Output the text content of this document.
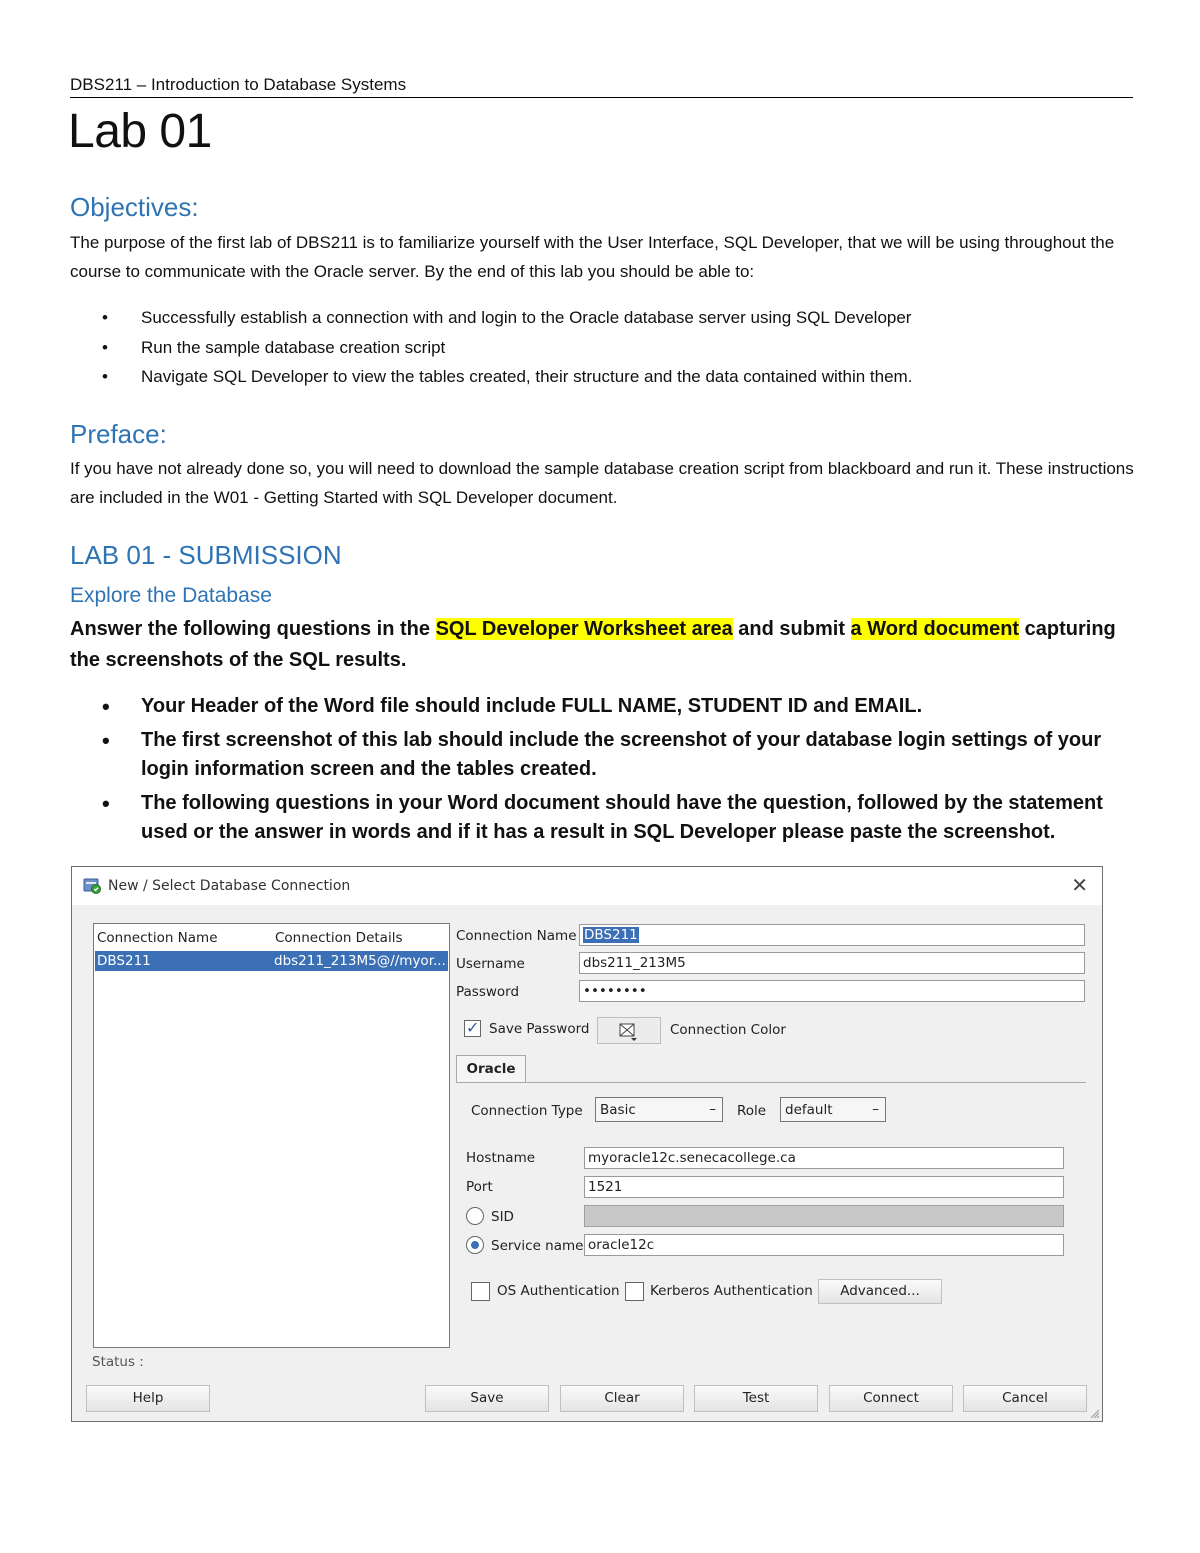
DBS211 – Introduction to Database Systems
Lab 01
Objectives:
The purpose of the first lab of DBS211 is to familiarize yourself with the User Interface, SQL Developer, that we will be using throughout the course to communicate with the Oracle server. By the end of this lab you should be able to:
• Successfully establish a connection with and login to the Oracle database server using SQL Developer
• Run the sample database creation script
• Navigate SQL Developer to view the tables created, their structure and the data contained within them.
Preface:
If you have not already done so, you will need to download the sample database creation script from blackboard and run it. These instructions are included in the W01 - Getting Started with SQL Developer document.
LAB 01 - SUBMISSION
Explore the Database
Answer the following questions in the SQL Developer Worksheet area and submit a Word document capturing the screenshots of the SQL results.
• Your Header of the Word file should include FULL NAME, STUDENT ID and EMAIL.
• The first screenshot of this lab should include the screenshot of your database login settings of your login information screen and the tables created.
• The following questions in your Word document should have the question, followed by the statement used or the answer in words and if it has a result in SQL Developer please paste the screenshot.
New / Select Database Connection	✕
Connection Name	Connection Details
DBS211	dbs211_213M5@//myor...
Connection Name DBS211
Username	dbs211_213M5
Password	••••••••
✓
Save Password	Connection Color
Oracle
Connection Type Basic	– Role default	–
Hostname	myoracle12c.senecacollege.ca
Port	1521
SID
Service name oracle12c
OS Authentication Kerberos Authentication	Advanced...
Status :
Help	Save	Clear	Test	Connect	Cancel
